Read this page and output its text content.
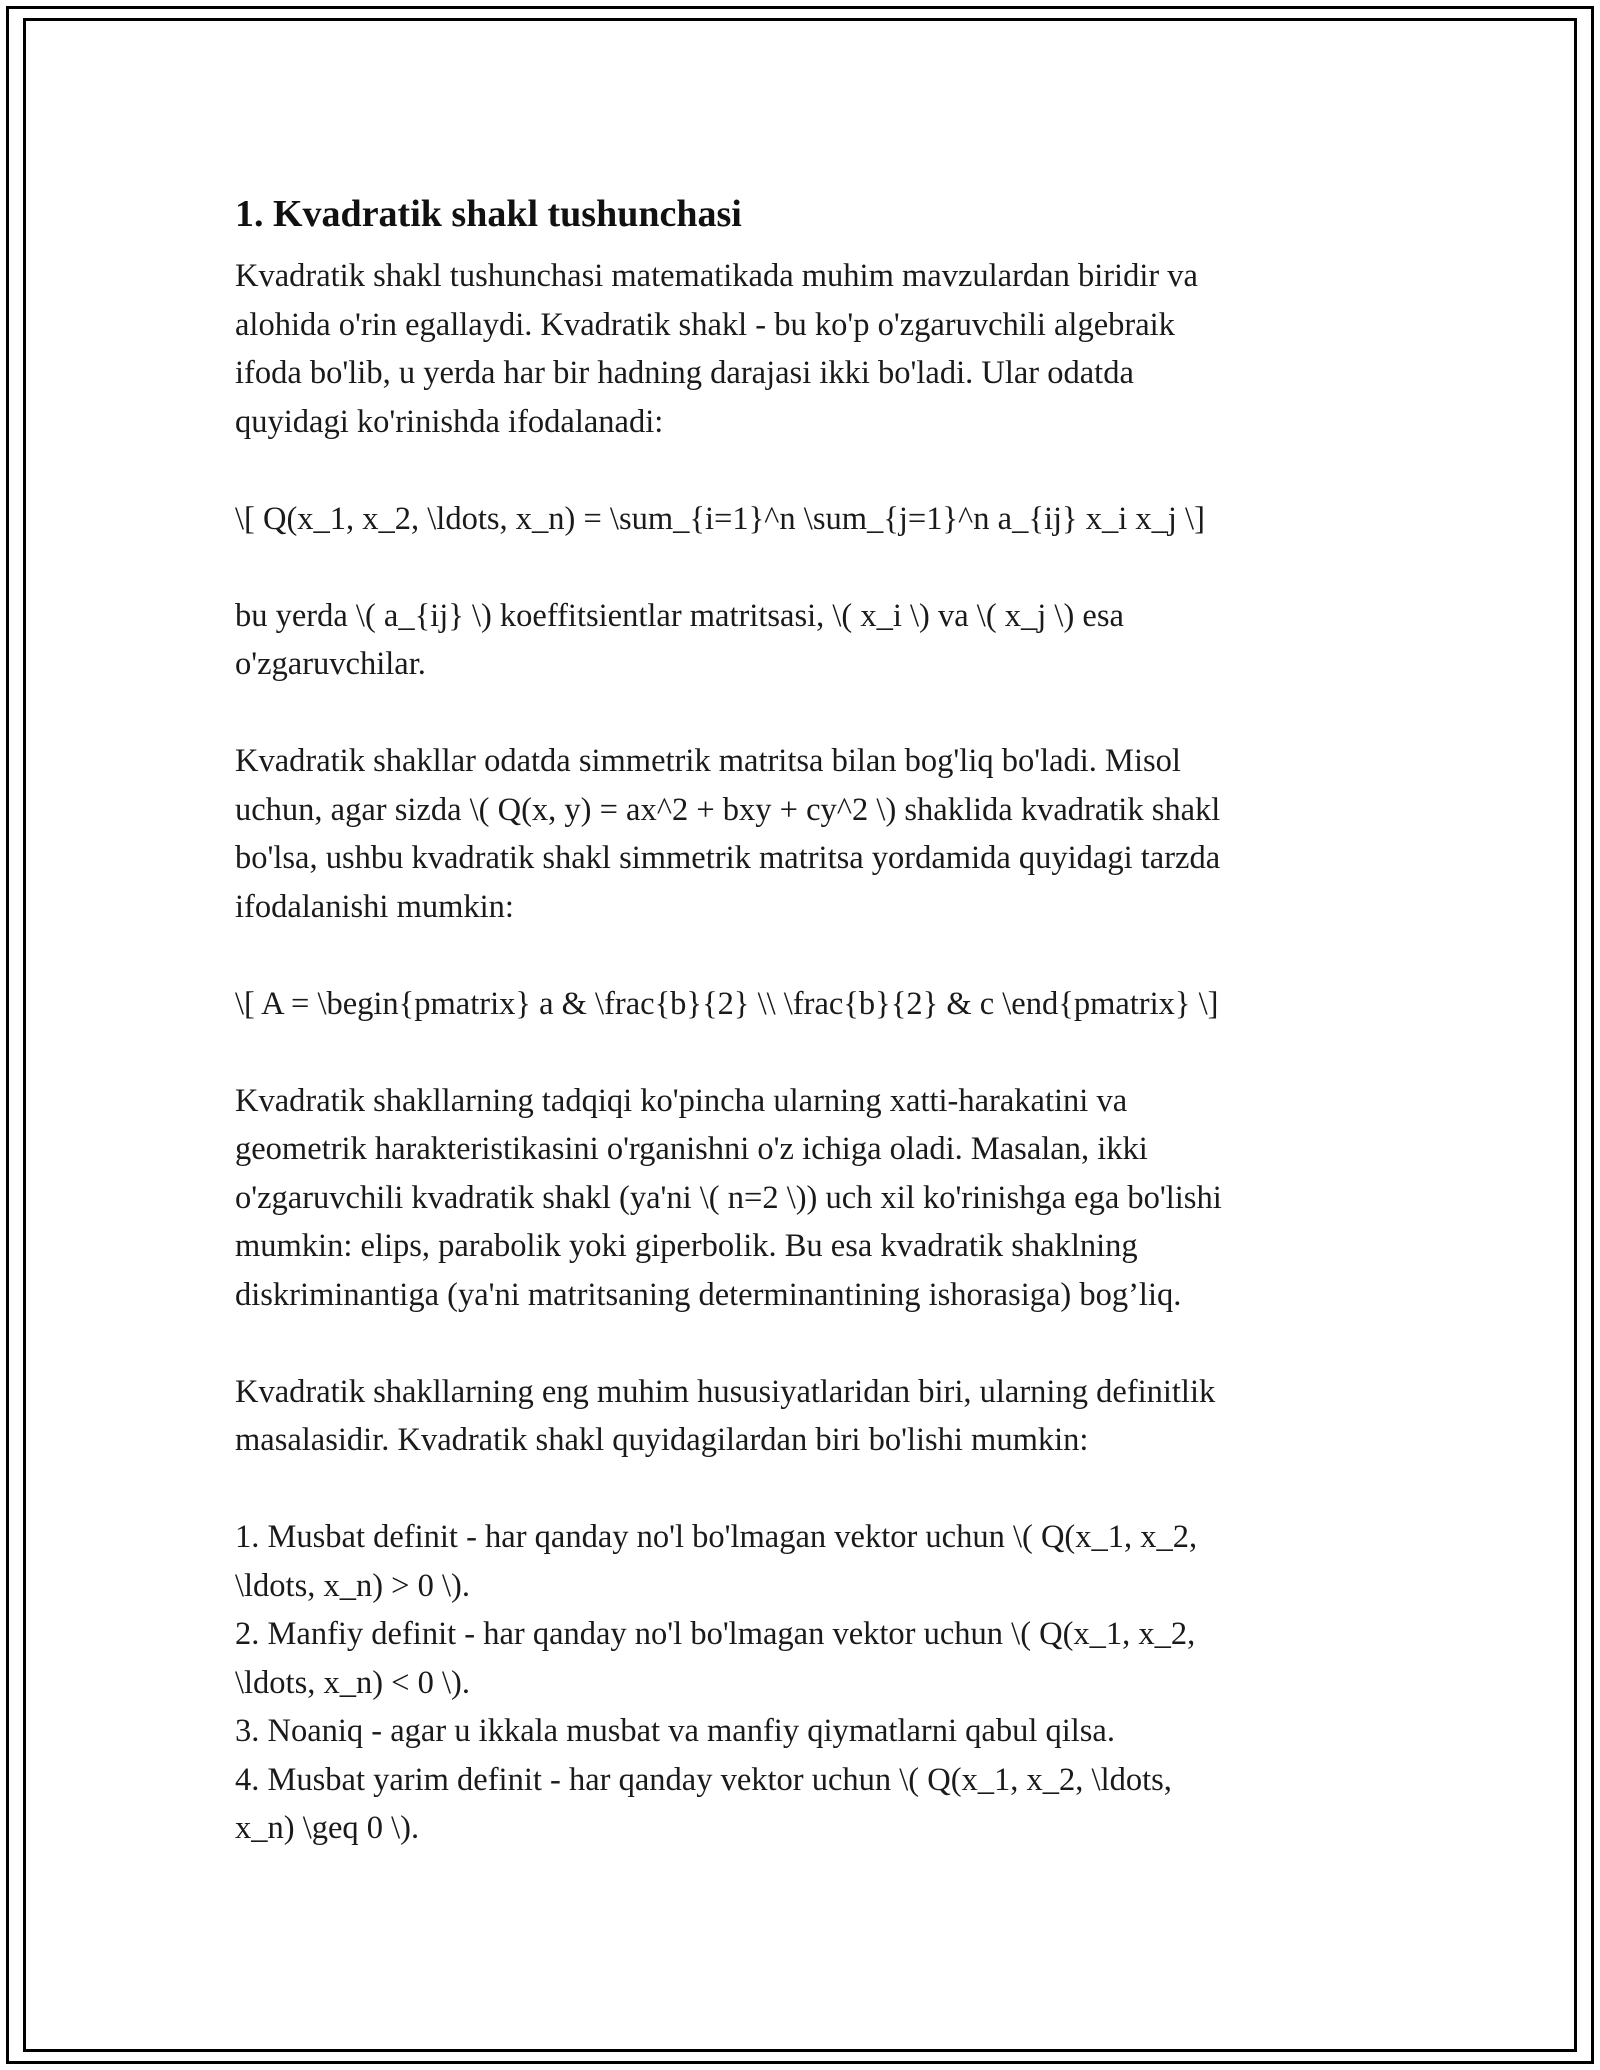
1. Kvadratik shakl tushunchasi

Kvadratik shakl tushunchasi matematikada muhim mavzulardan biridir va
alohida o'rin egallaydi. Kvadratik shakl - bu ko'p o'zgaruvchili algebraik
ifoda bo'lib, u yerda har bir hadning darajasi ikki bo'ladi. Ular odatda
quyidagi ko'rinishda ifodalanadi:

\[ Q(x_1, x_2, \ldots, x_n) = \sum_{i=1}^n \sum_{j=1}^n a_{ij} x_i x_j \]

bu yerda \( a_{ij} \) koeffitsientlar matritsasi, \( x_i \) va \( x_j \) esa
o'zgaruvchilar.

Kvadratik shakllar odatda simmetrik matritsa bilan bog'liq bo'ladi. Misol
uchun, agar sizda \( Q(x, y) = ax^2 + bxy + cy^2 \) shaklida kvadratik shakl
bo'lsa, ushbu kvadratik shakl simmetrik matritsa yordamida quyidagi tarzda
ifodalanishi mumkin:

\[ A = \begin{pmatrix} a & \frac{b}{2} \\ \frac{b}{2} & c \end{pmatrix} \]

Kvadratik shakllarning tadqiqi ko'pincha ularning xatti-harakatini va
geometrik harakteristikasini o'rganishni o'z ichiga oladi. Masalan, ikki
o'zgaruvchili kvadratik shakl (ya'ni \( n=2 \)) uch xil ko'rinishga ega bo'lishi
mumkin: elips, parabolik yoki giperbolik. Bu esa kvadratik shaklning
diskriminantiga (ya'ni matritsaning determinantining ishorasiga) bog’liq.

Kvadratik shakllarning eng muhim hususiyatlaridan biri, ularning definitlik
masalasidir. Kvadratik shakl quyidagilardan biri bo'lishi mumkin:

1. Musbat definit - har qanday no'l bo'lmagan vektor uchun \( Q(x_1, x_2,
\ldots, x_n) > 0 \).
2. Manfiy definit - har qanday no'l bo'lmagan vektor uchun \( Q(x_1, x_2,
\ldots, x_n) < 0 \).
3. Noaniq - agar u ikkala musbat va manfiy qiymatlarni qabul qilsa.
4. Musbat yarim definit - har qanday vektor uchun \( Q(x_1, x_2, \ldots,
x_n) \geq 0 \).
